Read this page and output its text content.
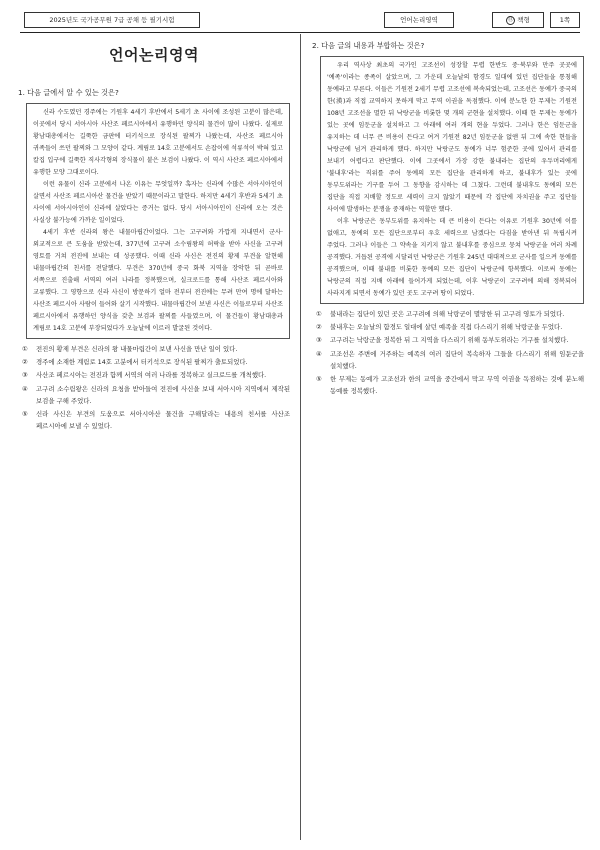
2025년도 국가공무원 7급 공채 등 필기시험	언어논리영역	⑪ 책형	1쪽
언어논리영역
1. 다음 글에서 알 수 있는 것은?

신라 수도였던 경주에는 기원후 4세기 후반에서 5세기 초 사이에 조성된 고분이 많은데, 이곳에서 당시 서아시아 사산조 페르시아에서 유행하던 양식의 물건이 많이 나왔다. 실제로 황남대총에서는 길쭉한 금판에 터키석으로 장식된 팔찌가 나왔는데, 사산조 페르시아 귀족들이 쓰던 팔찌와 그 모양이 같다. 계림로 14호 고분에서도 손잡이에 석류석이 박혀 있고 칼집 입구에 길쭉한 직사각형의 장식물이 붙은 보검이 나왔다. 이 역시 사산조 페르시아에서 유행한 모양 그대로이다.

이런 유물이 신라 고분에서 나온 이유는 무엇일까? 혹자는 신라에 수많은 서아시아인이 살면서 사산조 페르시아산 물건을 받았기 때문이라고 말한다. 하지만 4세기 후반과 5세기 초 사이에 서아시아인이 신라에 살았다는 증거는 없다. 당시 서아시아인이 신라에 오는 것은 사실상 불가능에 가까운 일이었다.

4세기 후반 신라의 왕은 내물마립간이었다. 그는 고구려와 가깝게 지내면서 군사·외교적으로 큰 도움을 받았는데, 377년에 고구려 소수림왕의 허락을 받아 사신을 고구려 영토를 거쳐 전진에 보내는 데 성공했다. 이때 신라 사신은 전진의 황제 부견을 알현해 내물마립간의 친서를 전달했다. 부견은 370년에 중국 화북 지역을 장악한 뒤 곧바로 서쪽으로 진출해 서역의 여러 나라를 정복했으며, 실크로드를 통해 사산조 페르시아와 교류했다. 그 영향으로 신라 사신이 방문하기 얼마 전부터 전진에는 무려 만여 명에 달하는 사산조 페르시아 사람이 들어와 살기 시작했다. 내물마립간이 보낸 사신은 이들로부터 사산조 페르시아에서 유행하던 양식을 갖춘 보검과 팔찌를 사들였으며, 이 물건들이 황남대총과 계림로 14호 고분에 부장되었다가 오늘날에 이르러 발굴된 것이다.

①	전진의 황제 부견은 신라의 왕 내물마립간이 보낸 사신을 만난 일이 있다.
②	경주에 소재한 계림로 14호 고분에서 터키석으로 장식된 팔찌가 출토되었다.
③	사산조 페르시아는 전진과 함께 서역의 여러 나라를 정복하고 실크로드를 개척했다.
④	고구려 소수림왕은 신라의 요청을 받아들여 전진에 사신을 보내 서아시아 지역에서 제작된 보검을 구해 주었다.
⑤	신라 사신은 부견의 도움으로 서아시아산 물건을 구해달라는 내용의 친서를 사산조 페르시아에 보낼 수 있었다.
2. 다음 글의 내용과 부합하는 것은?

우리 역사상 최초의 국가인 고조선이 성장할 무렵 한반도 중·북부와 만주 곳곳에 '예족'이라는 종족이 살았으며, 그 가운데 오늘날의 함경도 일대에 있던 집단들을 통칭해 동예라고 부른다. 이들은 기원전 2세기 무렵 고조선에 복속되었는데, 고조선은 동예가 중국의 한(漢)과 직접 교역하지 못하게 막고 무역 이권을 독점했다. 이에 분노한 한 무제는 기원전 108년 고조선을 멸한 뒤 낙랑군을 비롯한 몇 개의 군현을 설치했다. 이때 한 무제는 동예가 있는 곳에 임둔군을 설치하고 그 아래에 여러 개의 현을 두었다. 그러나 한은 임둔군을 유지하는 데 너무 큰 비용이 든다고 여겨 기원전 82년 임둔군을 없앤 뒤 그에 속한 현들을 낙랑군에 넘겨 관리하게 했다. 하지만 낙랑군도 동예가 너무 험준한 곳에 있어서 관리를 보내기 어렵다고 판단했다. 이에 그곳에서 가장 강한 불내라는 집단의 우두머리에게 '불내후'라는 직위를 주어 동예의 모든 집단을 관리하게 하고, 불내후가 있는 곳에 동부도위라는 기구를 두어 그 동향을 감시하는 데 그쳤다. 그런데 불내후도 동예의 모든 집단을 직접 지배할 정도로 세력이 크지 않았기 때문에 각 집단에 자치권을 주고 집단들 사이에 발생하는 분쟁을 중재하는 역할만 했다.

이후 낙랑군은 동부도위를 유지하는 데 큰 비용이 든다는 이유로 기원후 30년에 이를 없애고, 동예의 모든 집단으로부터 우호 세력으로 남겠다는 다짐을 받아낸 뒤 독립시켜 주었다. 그러나 이들은 그 약속을 지키지 않고 불내후를 중심으로 뭉쳐 낙랑군을 여러 차례 공격했다. 거듭된 공격에 시달리던 낙랑군은 기원후 245년 대대적으로 군사를 일으켜 동예를 공격했으며, 이때 불내를 비롯한 동예의 모든 집단이 낙랑군에 항복했다. 이로써 동예는 낙랑군의 직접 지배 아래에 들어가게 되었는데, 이후 낙랑군이 고구려에 의해 정복되어 사라지게 되면서 동예가 있던 곳도 고구려 땅이 되었다.

①	불내라는 집단이 있던 곳은 고구려에 의해 낙랑군이 멸망한 뒤 고구려 영토가 되었다.
②	불내후는 오늘날의 함경도 일대에 살던 예족을 직접 다스리기 위해 낙랑군을 두었다.
③	고구려는 낙랑군을 정복한 뒤 그 지역을 다스리기 위해 동부도위라는 기구를 설치했다.
④	고조선은 주변에 거주하는 예족의 여러 집단이 복속하자 그들을 다스리기 위해 임둔군을 설치했다.
⑤	한 무제는 동예가 고조선과 한의 교역을 중간에서 막고 무역 이권을 독점하는 것에 분노해 동예를 정복했다.
